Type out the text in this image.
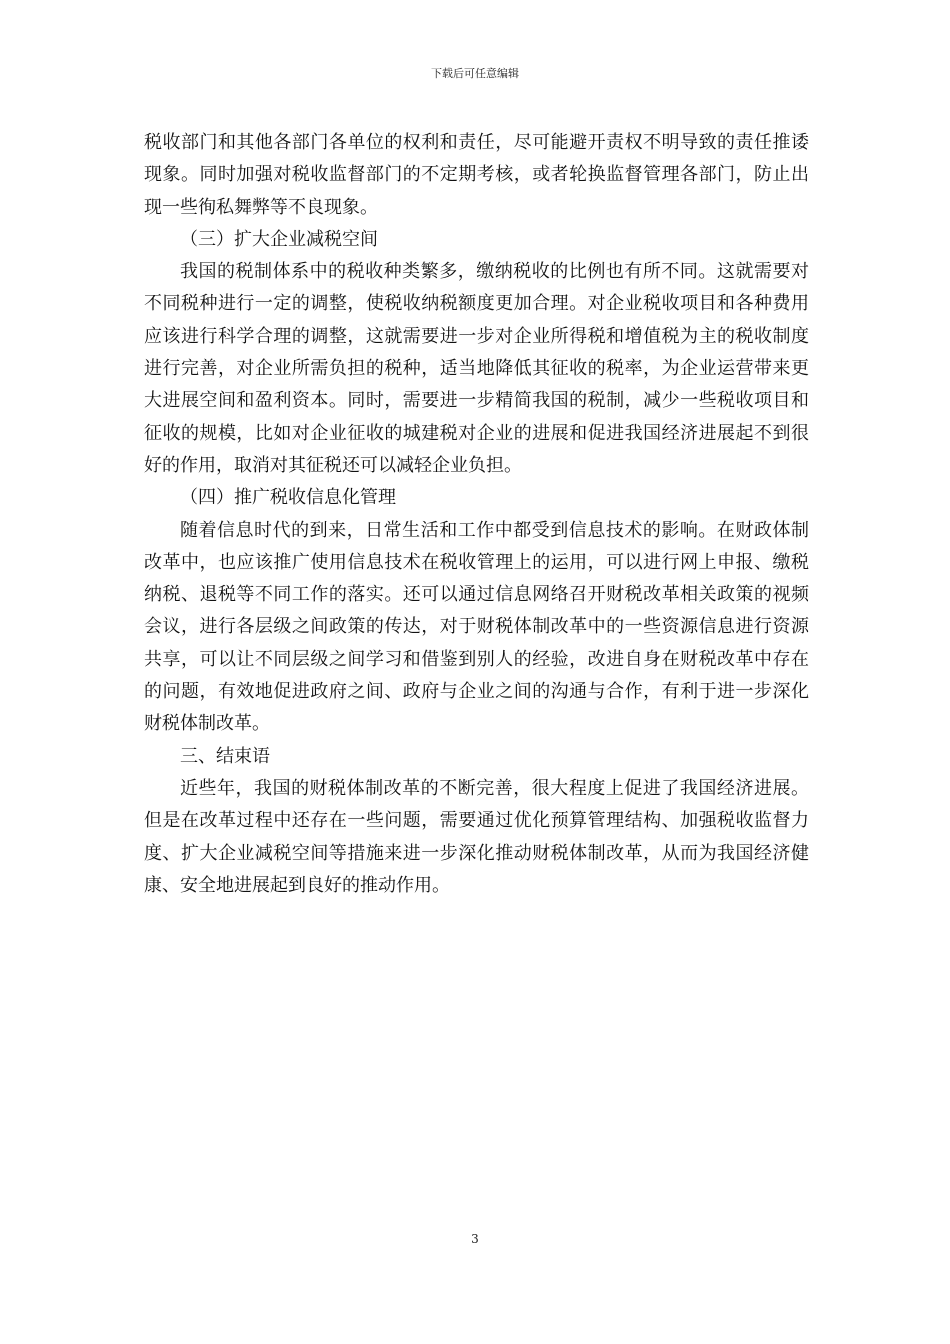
下载后可任意编辑

税收部门和其他各部门各单位的权利和责任，尽可能避开责权不明导致的责任推诿现象。同时加强对税收监督部门的不定期考核，或者轮换监督管理各部门，防止出现一些徇私舞弊等不良现象。

（三）扩大企业减税空间

我国的税制体系中的税收种类繁多，缴纳税收的比例也有所不同。这就需要对不同税种进行一定的调整，使税收纳税额度更加合理。对企业税收项目和各种费用应该进行科学合理的调整，这就需要进一步对企业所得税和增值税为主的税收制度进行完善，对企业所需负担的税种，适当地降低其征收的税率，为企业运营带来更大进展空间和盈利资本。同时，需要进一步精简我国的税制，减少一些税收项目和征收的规模，比如对企业征收的城建税对企业的进展和促进我国经济进展起不到很好的作用，取消对其征税还可以减轻企业负担。

（四）推广税收信息化管理

随着信息时代的到来，日常生活和工作中都受到信息技术的影响。在财政体制改革中，也应该推广使用信息技术在税收管理上的运用，可以进行网上申报、缴税纳税、退税等不同工作的落实。还可以通过信息网络召开财税改革相关政策的视频会议，进行各层级之间政策的传达，对于财税体制改革中的一些资源信息进行资源共享，可以让不同层级之间学习和借鉴到别人的经验，改进自身在财税改革中存在的问题，有效地促进政府之间、政府与企业之间的沟通与合作，有利于进一步深化财税体制改革。

三、结束语

近些年，我国的财税体制改革的不断完善，很大程度上促进了我国经济进展。但是在改革过程中还存在一些问题，需要通过优化预算管理结构、加强税收监督力度、扩大企业减税空间等措施来进一步深化推动财税体制改革，从而为我国经济健康、安全地进展起到良好的推动作用。

3
